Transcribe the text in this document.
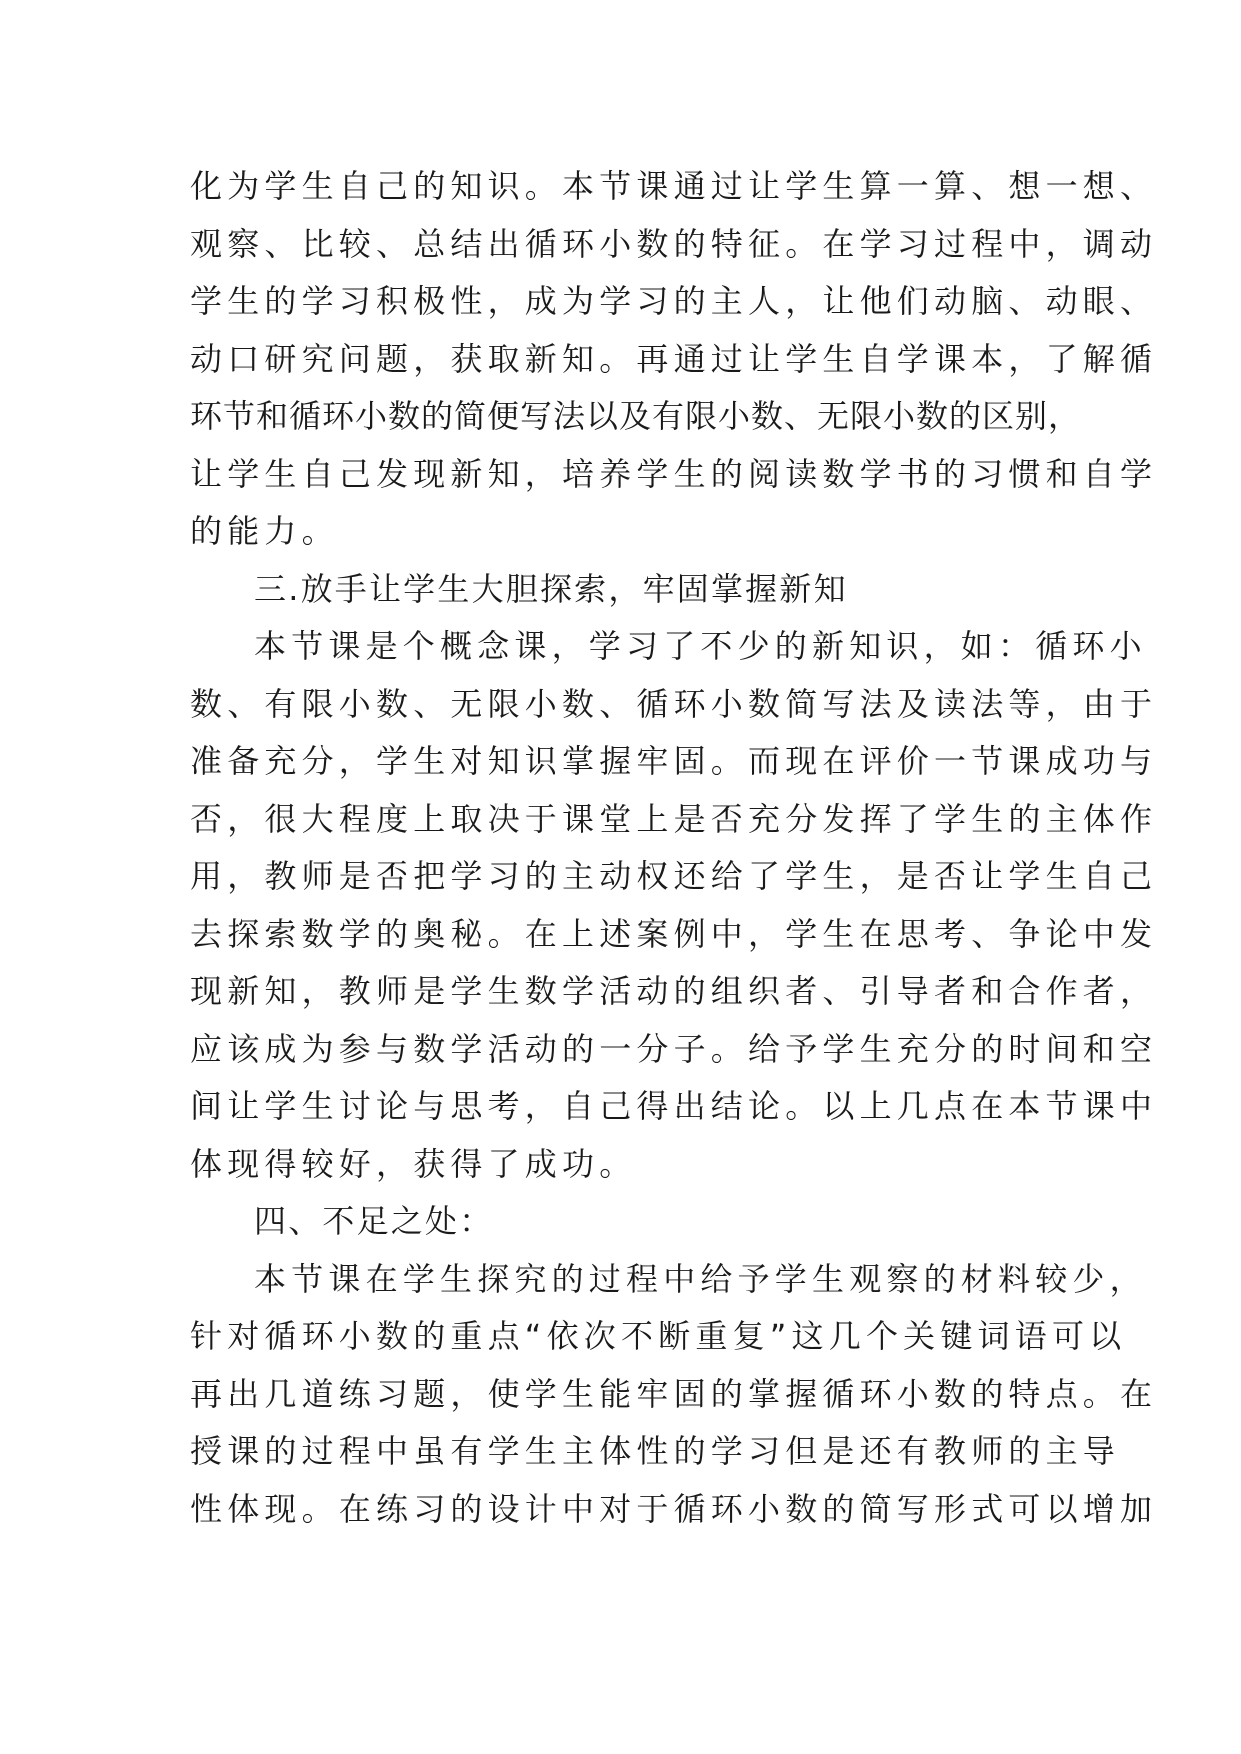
化为学生自己的知识。本节课通过让学生算一算、想一想、
观察、比较、总结出循环小数的特征。在学习过程中，调动
学生的学习积极性，成为学习的主人，让他们动脑、动眼、
动口研究问题，获取新知。再通过让学生自学课本，了解循
环节和循环小数的简便写法以及有限小数、无限小数的区别，
让学生自己发现新知，培养学生的阅读数学书的习惯和自学
的能力。
三.放手让学生大胆探索，牢固掌握新知
本节课是个概念课，学习了不少的新知识，如：循环小
数、有限小数、无限小数、循环小数简写法及读法等，由于
准备充分，学生对知识掌握牢固。而现在评价一节课成功与
否，很大程度上取决于课堂上是否充分发挥了学生的主体作
用，教师是否把学习的主动权还给了学生，是否让学生自己
去探索数学的奥秘。在上述案例中，学生在思考、争论中发
现新知，教师是学生数学活动的组织者、引导者和合作者，
应该成为参与数学活动的一分子。给予学生充分的时间和空
间让学生讨论与思考，自己得出结论。以上几点在本节课中
体现得较好，获得了成功。
四、不足之处：
本节课在学生探究的过程中给予学生观察的材料较少，
针对循环小数的重点“依次不断重复”这几个关键词语可以
再出几道练习题，使学生能牢固的掌握循环小数的特点。在
授课的过程中虽有学生主体性的学习但是还有教师的主导
性体现。在练习的设计中对于循环小数的简写形式可以增加
